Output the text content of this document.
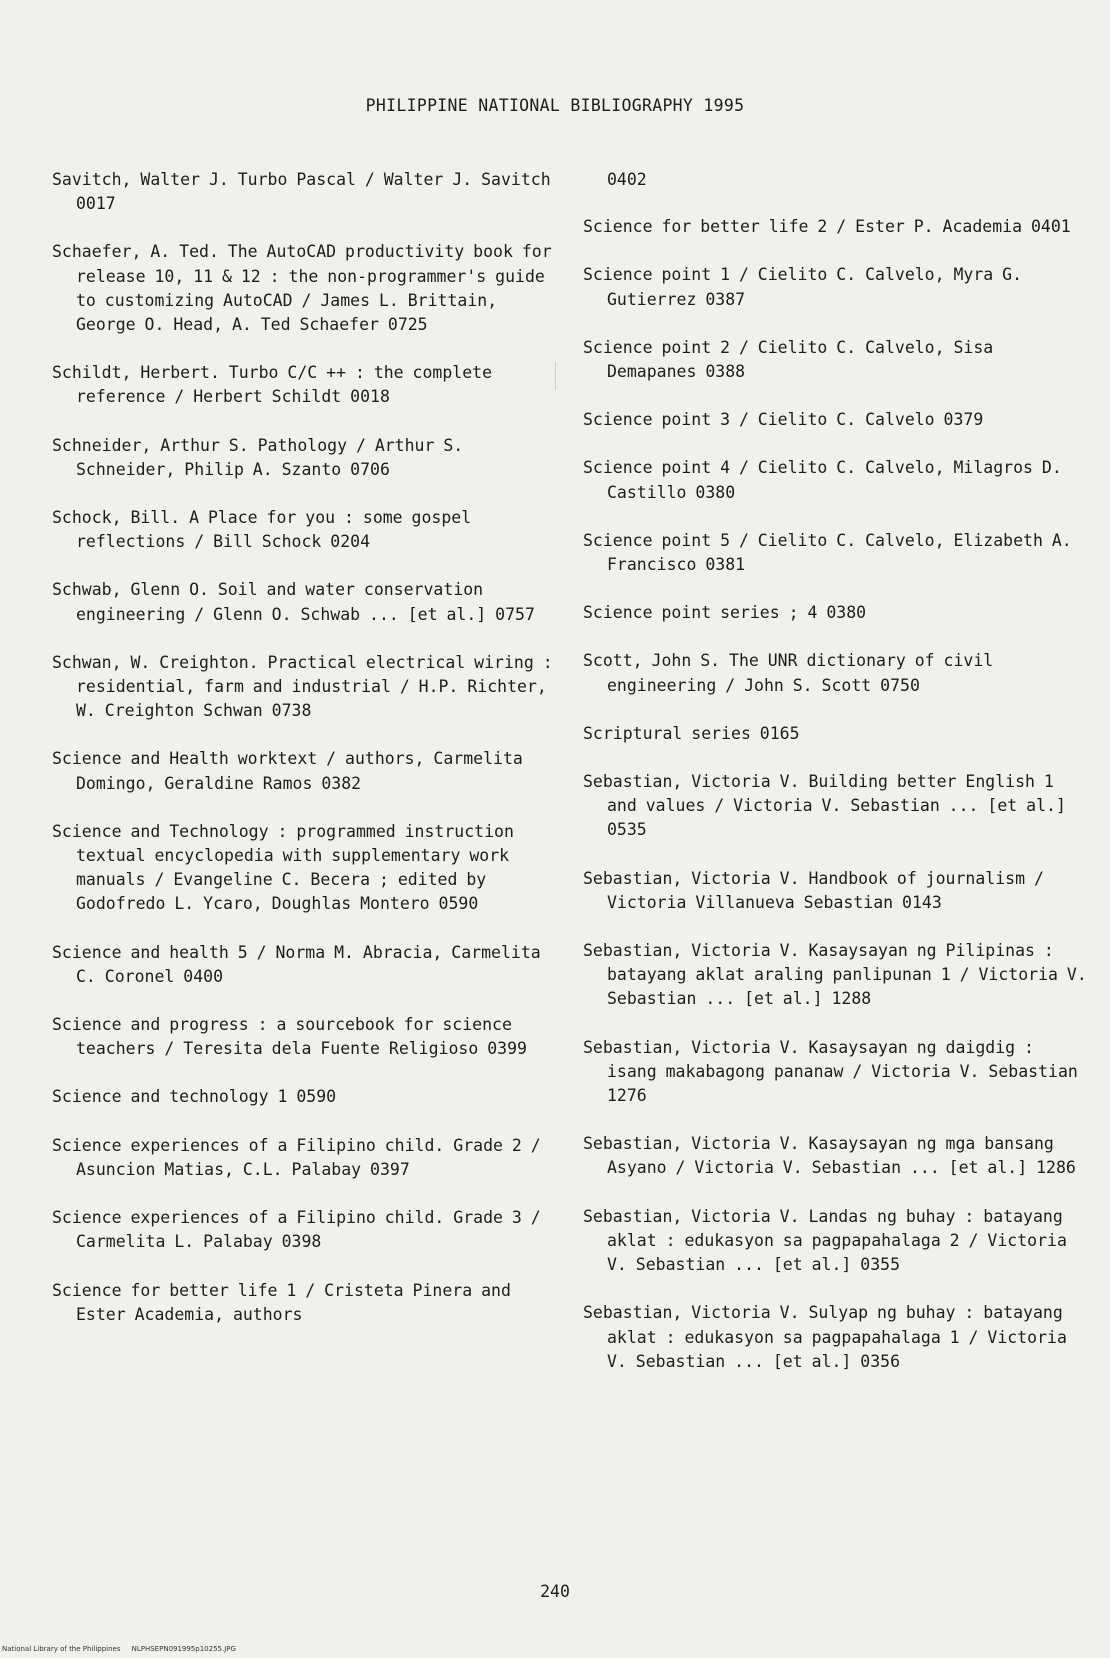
PHILIPPINE NATIONAL BIBLIOGRAPHY 1995

Savitch, Walter J. Turbo Pascal / Walter J. Savitch 0017

Schaefer, A. Ted. The AutoCAD productivity book for release 10, 11 & 12 : the non-programmer's guide to customizing AutoCAD / James L. Brittain, George O. Head, A. Ted Schaefer 0725

Schildt, Herbert. Turbo C/C ++ : the complete reference / Herbert Schildt 0018

Schneider, Arthur S. Pathology / Arthur S. Schneider, Philip A. Szanto 0706

Schock, Bill. A Place for you : some gospel reflections / Bill Schock 0204

Schwab, Glenn O. Soil and water conservation engineering / Glenn O. Schwab ... [et al.] 0757

Schwan, W. Creighton. Practical electrical wiring : residential, farm and industrial / H.P. Richter, W. Creighton Schwan 0738

Science and Health worktext / authors, Carmelita Domingo, Geraldine Ramos 0382

Science and Technology : programmed instruction textual encyclopedia with supplementary work manuals / Evangeline C. Becera ; edited by Godofredo L. Ycaro, Doughlas Montero 0590

Science and health 5 / Norma M. Abracia, Carmelita C. Coronel 0400

Science and progress : a sourcebook for science teachers / Teresita dela Fuente Religioso 0399

Science and technology 1 0590

Science experiences of a Filipino child. Grade 2 / Asuncion Matias, C.L. Palabay 0397

Science experiences of a Filipino child. Grade 3 / Carmelita L. Palabay 0398

Science for better life 1 / Cristeta Pinera and Ester Academia, authors

0402

Science for better life 2 / Ester P. Academia 0401

Science point 1 / Cielito C. Calvelo, Myra G. Gutierrez 0387

Science point 2 / Cielito C. Calvelo, Sisa Demapanes 0388

Science point 3 / Cielito C. Calvelo 0379

Science point 4 / Cielito C. Calvelo, Milagros D. Castillo 0380

Science point 5 / Cielito C. Calvelo, Elizabeth A. Francisco 0381

Science point series ; 4 0380

Scott, John S. The UNR dictionary of civil engineering / John S. Scott 0750

Scriptural series 0165

Sebastian, Victoria V. Building better English 1 and values / Victoria V. Sebastian ... [et al.] 0535

Sebastian, Victoria V. Handbook of journalism / Victoria Villanueva Sebastian 0143

Sebastian, Victoria V. Kasaysayan ng Pilipinas : batayang aklat araling panlipunan 1 / Victoria V. Sebastian ... [et al.] 1288

Sebastian, Victoria V. Kasaysayan ng daigdig : isang makabagong pananaw / Victoria V. Sebastian 1276

Sebastian, Victoria V. Kasaysayan ng mga bansang Asyano / Victoria V. Sebastian ... [et al.] 1286

Sebastian, Victoria V. Landas ng buhay : batayang aklat : edukasyon sa pagpapahalaga 2 / Victoria V. Sebastian ... [et al.] 0355

Sebastian, Victoria V. Sulyap ng buhay : batayang aklat : edukasyon sa pagpapahalaga 1 / Victoria V. Sebastian ... [et al.] 0356

240
National Library of the Philippines     NLPHSEPN091995p10255.JPG
